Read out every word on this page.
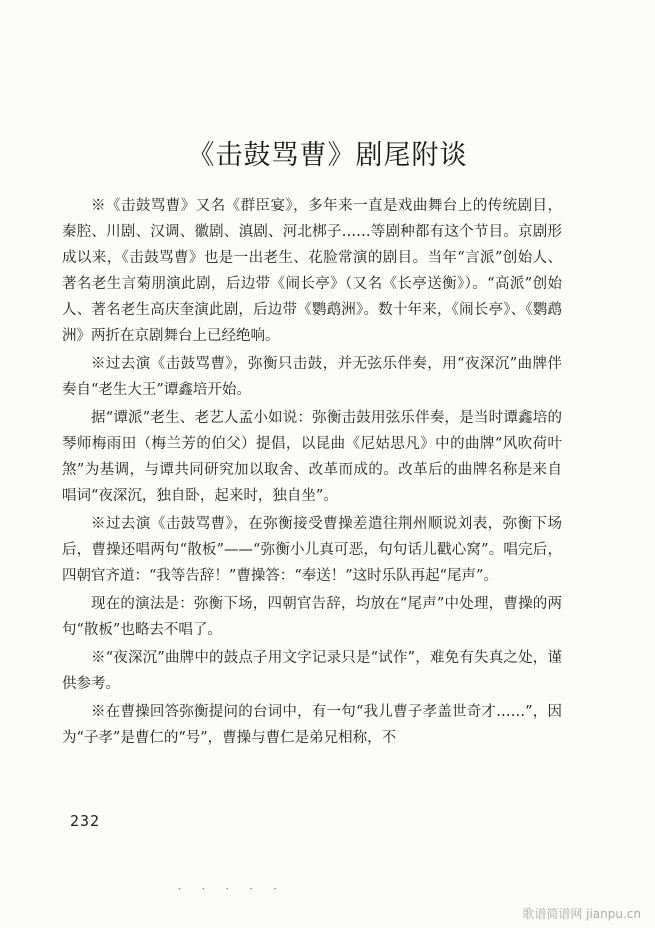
《击鼓骂曹》剧尾附谈

※《击鼓骂曹》又名《群臣宴》，多年来一直是戏曲舞台上的传统剧目，秦腔、川剧、汉调、徽剧、滇剧、河北梆子……等剧种都有这个节目。京剧形成以来，《击鼓骂曹》也是一出老生、花脸常演的剧目。当年“言派”创始人、著名老生言菊朋演此剧，后边带《闹长亭》（又名《长亭送衡》）。“高派”创始人、著名老生高庆奎演此剧，后边带《鹦鹉洲》。数十年来，《闹长亭》、《鹦鹉洲》两折在京剧舞台上已经绝响。

※过去演《击鼓骂曹》，弥衡只击鼓，并无弦乐伴奏，用“夜深沉”曲牌伴奏自“老生大王”谭鑫培开始。

据“谭派”老生、老艺人孟小如说：弥衡击鼓用弦乐伴奏，是当时谭鑫培的琴师梅雨田（梅兰芳的伯父）提倡，以昆曲《尼姑思凡》中的曲牌“风吹荷叶煞”为基调，与谭共同研究加以取舍、改革而成的。改革后的曲牌名称是来自唱词“夜深沉，独自卧，起来时，独自坐”。

※过去演《击鼓骂曹》，在弥衡接受曹操差遣往荆州顺说刘表，弥衡下场后，曹操还唱两句“散板”——“弥衡小儿真可恶，句句话儿戳心窝”。唱完后，四朝官齐道：“我等告辞！”曹操答：“奉送！”这时乐队再起“尾声”。

现在的演法是：弥衡下场，四朝官告辞，均放在“尾声”中处理，曹操的两句“散板”也略去不唱了。

※“夜深沉”曲牌中的鼓点子用文字记录只是“试作”，难免有失真之处，谨供参考。

※在曹操回答弥衡提问的台词中，有一句“我儿曹子孝盖世奇才……”，因为“子孝”是曹仁的“号”，曹操与曹仁是弟兄相称，不

232
・ ・ ・ ・ ・
歌谱简谱网 jianpu.cn
